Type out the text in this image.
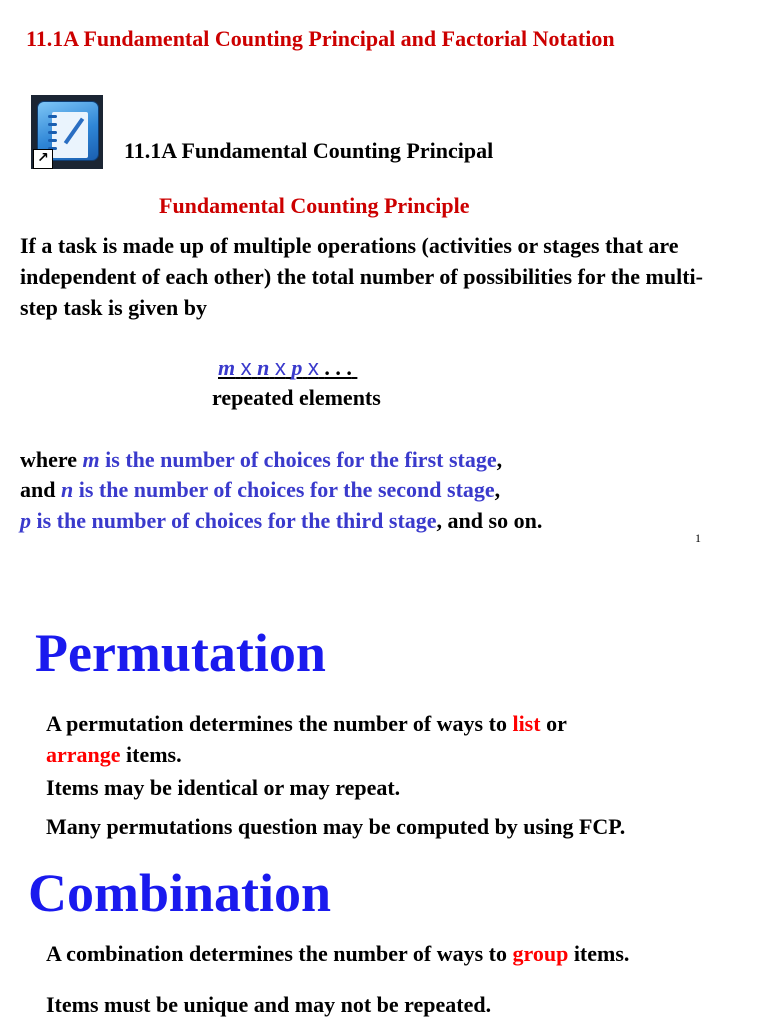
11.1A Fundamental Counting Principal and Factorial Notation
↗	11.1A Fundamental Counting Principal
Fundamental Counting Principle
If a task is made up of multiple operations (activities or stages that are independent of each other) the total number of possibilities for the multi-step task is given by
m x n x p x . . .
repeated elements
where m is the number of choices for the first stage,
and n is the number of choices for the second stage,
p is the number of choices for the third stage, and so on.
1
Permutation
A permutation determines the number of ways to list or
arrange items.
Items may be identical or may repeat.
Many permutations question may be computed by using FCP.
Combination
A combination determines the number of ways to group items.
Items must be unique and may not be repeated.
